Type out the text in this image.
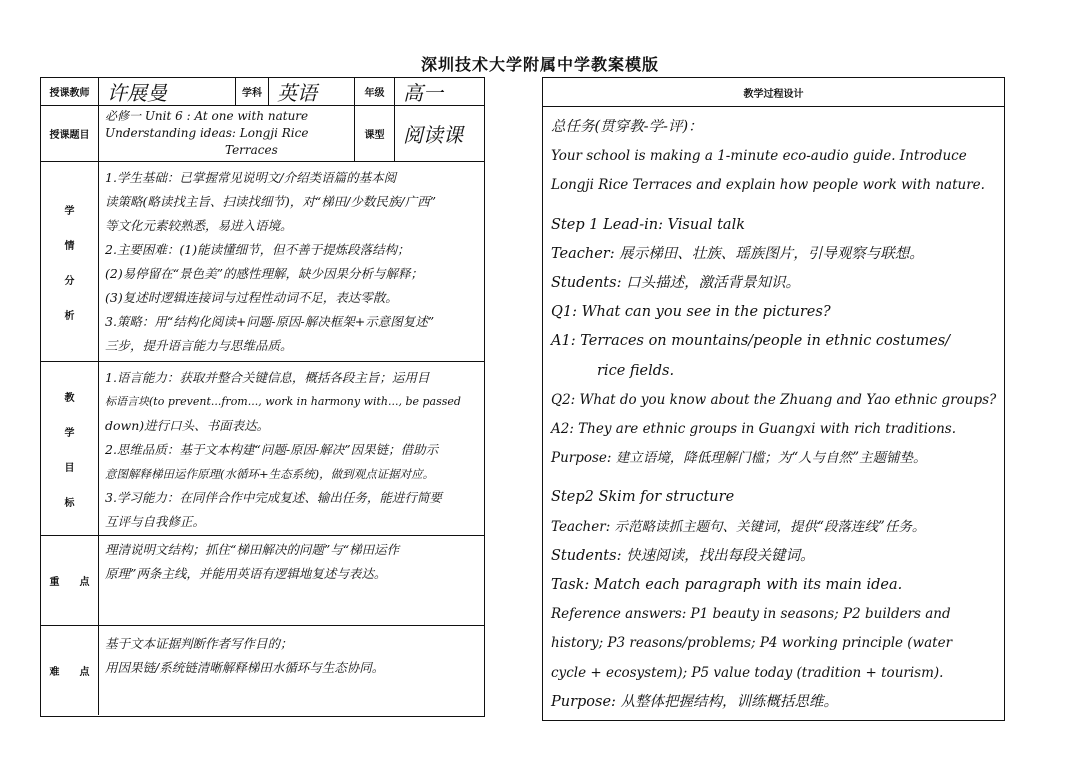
深圳技术大学附属中学教案模版
授课教师 许展曼	学科 英语	年级 高一
授课题目
必修一 Unit 6 : At one with nature
Understanding ideas: Longji Rice
Terraces
课型 阅读课
学
情
分
析
1.学生基础：已掌握常见说明文/介绍类语篇的基本阅
读策略(略读找主旨、扫读找细节)，对“梯田/少数民族/广西”
等文化元素较熟悉，易进入语境。
2.主要困难：(1)能读懂细节，但不善于提炼段落结构；
(2)易停留在“景色美”的感性理解，缺少因果分析与解释；
(3)复述时逻辑连接词与过程性动词不足，表达零散。
3.策略：用“结构化阅读+问题-原因-解决框架+示意图复述”
三步，提升语言能力与思维品质。
教
学
目
标
1.语言能力：获取并整合关键信息，概括各段主旨；运用目
标语言块(to prevent...from..., work in harmony with..., be passed
down)进行口头、书面表达。
2.思维品质：基于文本构建“问题-原因-解决”因果链；借助示
意图解释梯田运作原理(水循环+生态系统)，做到观点证据对应。
3.学习能力：在同伴合作中完成复述、输出任务，能进行简要
互评与自我修正。
重　　点
理清说明文结构；抓住“梯田解决的问题”与“梯田运作
原理”两条主线，并能用英语有逻辑地复述与表达。
难　　点
基于文本证据判断作者写作目的；
用因果链/系统链清晰解释梯田水循环与生态协同。
教学过程设计
总任务(贯穿教-学-评)：
Your school is making a 1-minute eco-audio guide. Introduce
Longji Rice Terraces and explain how people work with nature.
Step 1 Lead-in: Visual talk
Teacher: 展示梯田、壮族、瑶族图片，引导观察与联想。
Students: 口头描述，激活背景知识。
Q1: What can you see in the pictures?
A1: Terraces on mountains/people in ethnic costumes/
rice fields.
Q2: What do you know about the Zhuang and Yao ethnic groups?
A2: They are ethnic groups in Guangxi with rich traditions.
Purpose: 建立语境，降低理解门槛；为“人与自然”主题铺垫。
Step2 Skim for structure
Teacher: 示范略读抓主题句、关键词，提供“段落连线”任务。
Students: 快速阅读，找出每段关键词。
Task: Match each paragraph with its main idea.
Reference answers: P1 beauty in seasons; P2 builders and
history; P3 reasons/problems; P4 working principle (water
cycle + ecosystem); P5 value today (tradition + tourism).
Purpose: 从整体把握结构，训练概括思维。
